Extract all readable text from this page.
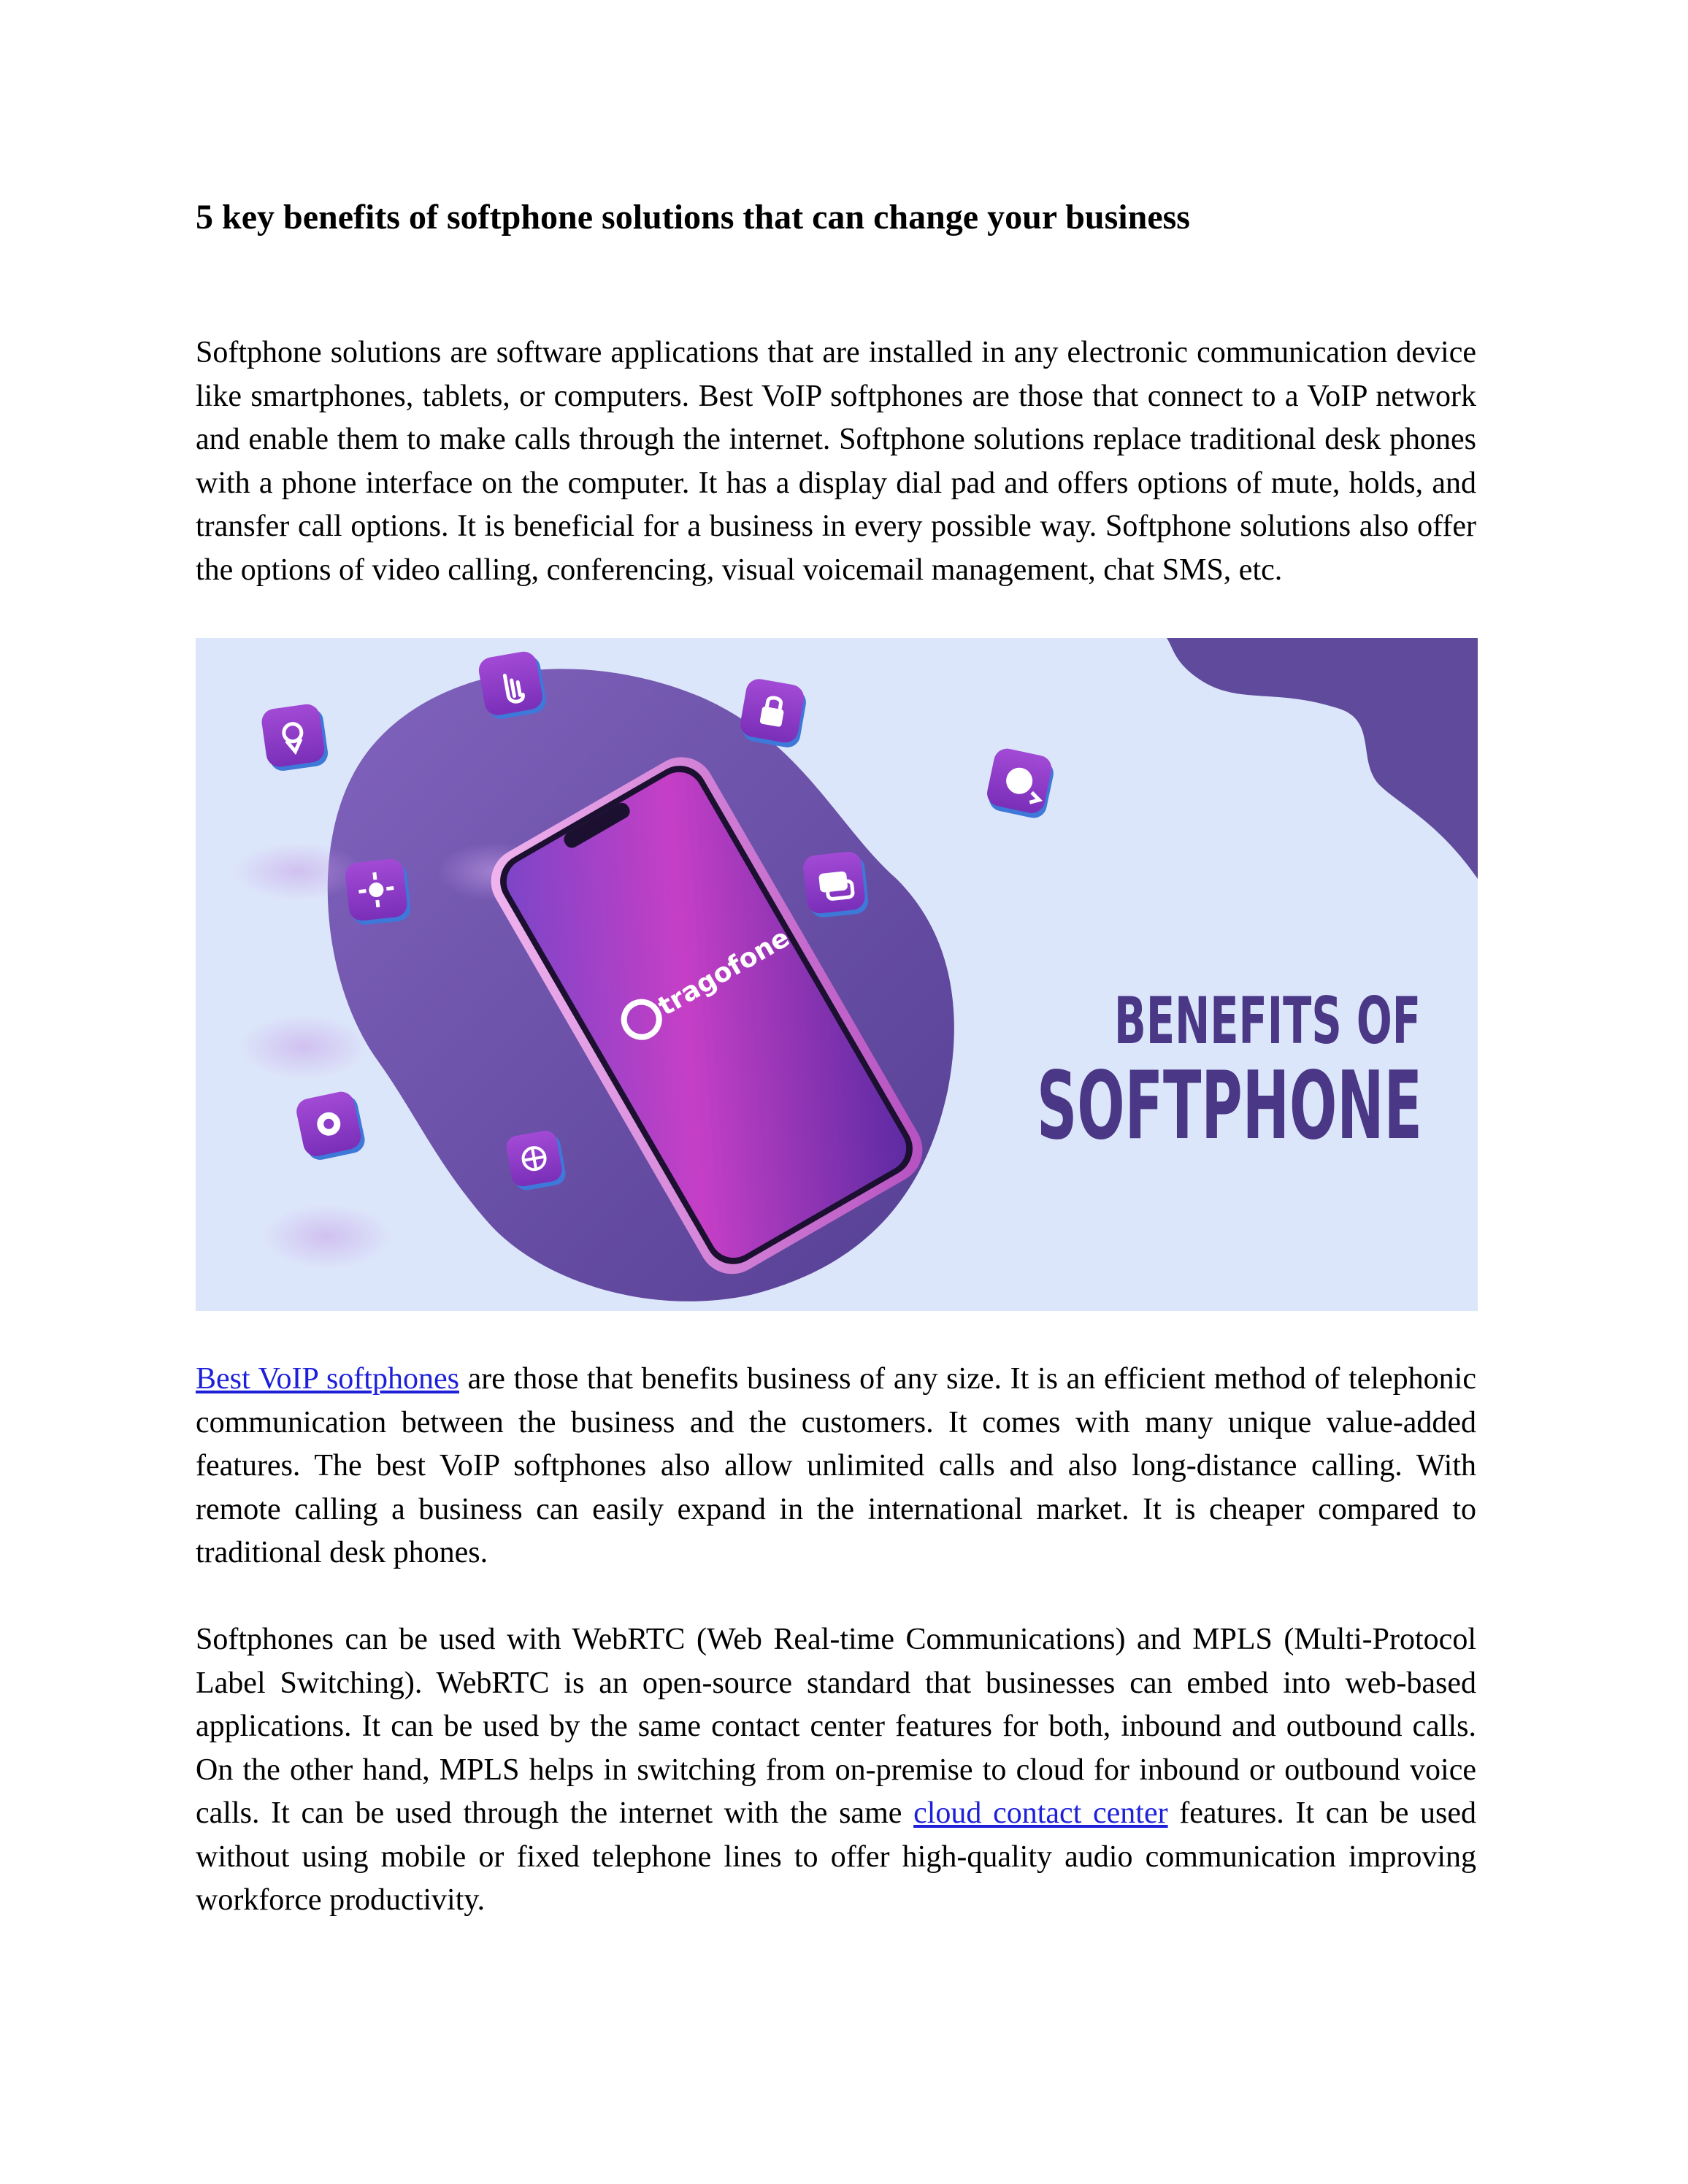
5 key benefits of softphone solutions that can change your business

Softphone solutions are software applications that are installed in any electronic communication device like smartphones, tablets, or computers. Best VoIP softphones are those that connect to a VoIP network and enable them to make calls through the internet. Softphone solutions replace traditional desk phones with a phone interface on the computer. It has a display dial pad and offers options of mute, holds, and transfer call options. It is beneficial for a business in every possible way. Softphone solutions also offer the options of video calling, conferencing, visual voicemail management, chat SMS, etc.

tragofone	BENEFITS OF
SOFTPHONE

Best VoIP softphones are those that benefits business of any size. It is an efficient method of telephonic communication between the business and the customers. It comes with many unique value-added features. The best VoIP softphones also allow unlimited calls and also long-distance calling. With remote calling a business can easily expand in the international market. It is cheaper compared to traditional desk phones.

Softphones can be used with WebRTC (Web Real-time Communications) and MPLS (Multi-Protocol Label Switching). WebRTC is an open-source standard that businesses can embed into web-based applications. It can be used by the same contact center features for both, inbound and outbound calls. On the other hand, MPLS helps in switching from on-premise to cloud for inbound or outbound voice calls. It can be used through the internet with the same cloud contact center features. It can be used without using mobile or fixed telephone lines to offer high-quality audio communication improving workforce productivity.
